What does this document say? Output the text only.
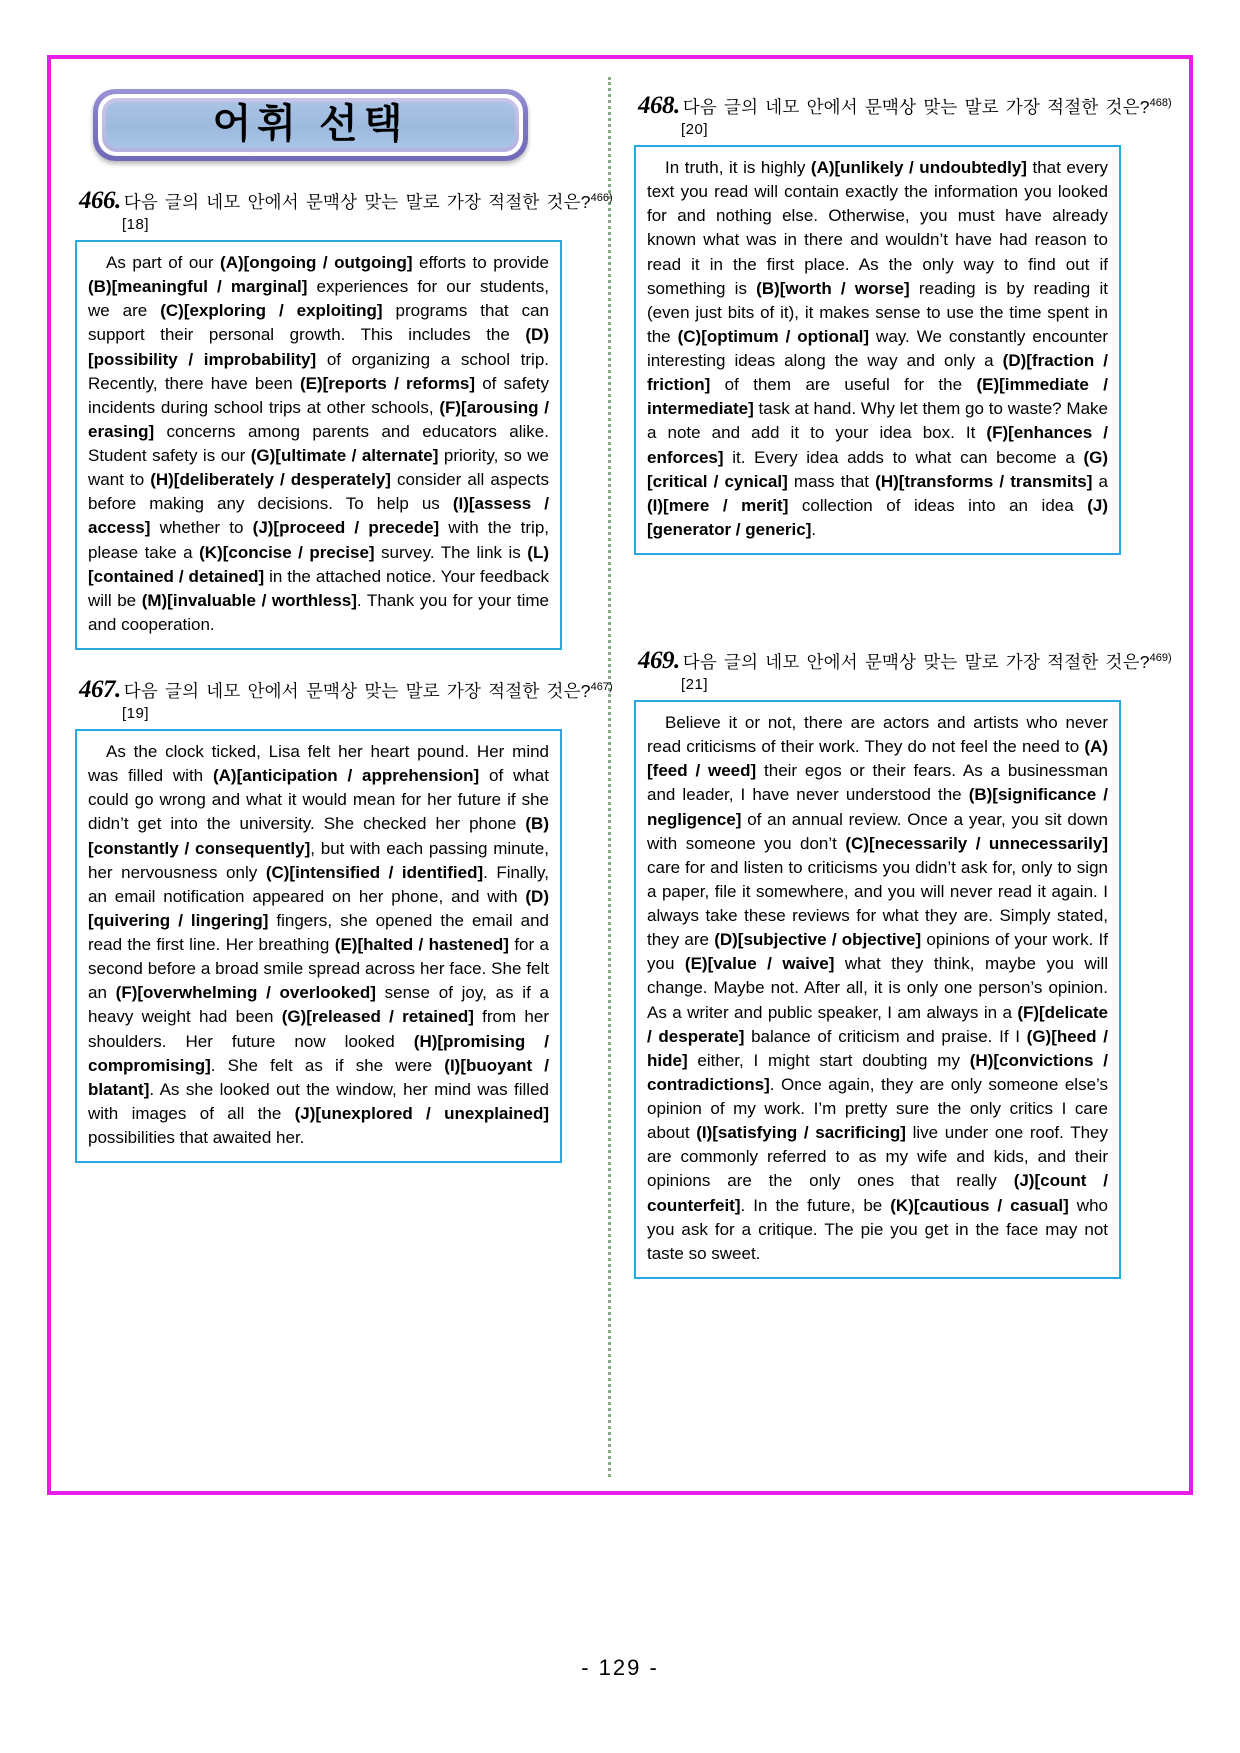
어휘 선택
466. 다음 글의 네모 안에서 문맥상 맞는 말로 가장 적절한 것은?$^{466)}$
[18]

As part of our (A)[ongoing / outgoing] efforts to provide (B)[meaningful / marginal] experiences for our students, we are (C)[exploring / exploiting] programs that can support their personal growth. This includes the (D)[possibility / improbability] of organizing a school trip. Recently, there have been (E)[reports / reforms] of safety incidents during school trips at other schools, (F)[arousing / erasing] concerns among parents and educators alike. Student safety is our (G)[ultimate / alternate] priority, so we want to (H)[deliberately / desperately] consider all aspects before making any decisions. To help us (I)[assess / access] whether to (J)[proceed / precede] with the trip, please take a (K)[concise / precise] survey. The link is (L)[contained / detained] in the attached notice. Your feedback will be (M)[invaluable / worthless]. Thank you for your time and cooperation.

467. 다음 글의 네모 안에서 문맥상 맞는 말로 가장 적절한 것은?$^{467)}$
[19]

As the clock ticked, Lisa felt her heart pound. Her mind was filled with (A)[anticipation / apprehension] of what could go wrong and what it would mean for her future if she didn’t get into the university. She checked her phone (B)[constantly / consequently], but with each passing minute, her nervousness only (C)[intensified / identified]. Finally, an email notification appeared on her phone, and with (D)[quivering / lingering] fingers, she opened the email and read the first line. Her breathing (E)[halted / hastened] for a second before a broad smile spread across her face. She felt an (F)[overwhelming / overlooked] sense of joy, as if a heavy weight had been (G)[released / retained] from her shoulders. Her future now looked (H)[promising / compromising]. She felt as if she were (I)[buoyant / blatant]. As she looked out the window, her mind was filled with images of all the (J)[unexplored / unexplained] possibilities that awaited her.

468. 다음 글의 네모 안에서 문맥상 맞는 말로 가장 적절한 것은?$^{468)}$
[20]

In truth, it is highly (A)[unlikely / undoubtedly] that every text you read will contain exactly the information you looked for and nothing else. Otherwise, you must have already known what was in there and wouldn’t have had reason to read it in the first place. As the only way to find out if something is (B)[worth / worse] reading is by reading it (even just bits of it), it makes sense to use the time spent in the (C)[optimum / optional] way. We constantly encounter interesting ideas along the way and only a (D)[fraction / friction] of them are useful for the (E)[immediate / intermediate] task at hand. Why let them go to waste? Make a note and add it to your idea box. It (F)[enhances / enforces] it. Every idea adds to what can become a (G)[critical / cynical] mass that (H)[transforms / transmits] a (I)[mere / merit] collection of ideas into an idea (J)[generator / generic].

469. 다음 글의 네모 안에서 문맥상 맞는 말로 가장 적절한 것은?$^{469)}$
[21]

Believe it or not, there are actors and artists who never read criticisms of their work. They do not feel the need to (A)[feed / weed] their egos or their fears. As a businessman and leader, I have never understood the (B)[significance / negligence] of an annual review. Once a year, you sit down with someone you don’t (C)[necessarily / unnecessarily] care for and listen to criticisms you didn’t ask for, only to sign a paper, file it somewhere, and you will never read it again. I always take these reviews for what they are. Simply stated, they are (D)[subjective / objective] opinions of your work. If you (E)[value / waive] what they think, maybe you will change. Maybe not. After all, it is only one person’s opinion. As a writer and public speaker, I am always in a (F)[delicate / desperate] balance of criticism and praise. If I (G)[heed / hide] either, I might start doubting my (H)[convictions / contradictions]. Once again, they are only someone else’s opinion of my work. I’m pretty sure the only critics I care about (I)[satisfying / sacrificing] live under one roof. They are commonly referred to as my wife and kids, and their opinions are the only ones that really (J)[count / counterfeit]. In the future, be (K)[cautious / casual] who you ask for a critique. The pie you get in the face may not taste so sweet.

- 129 -
